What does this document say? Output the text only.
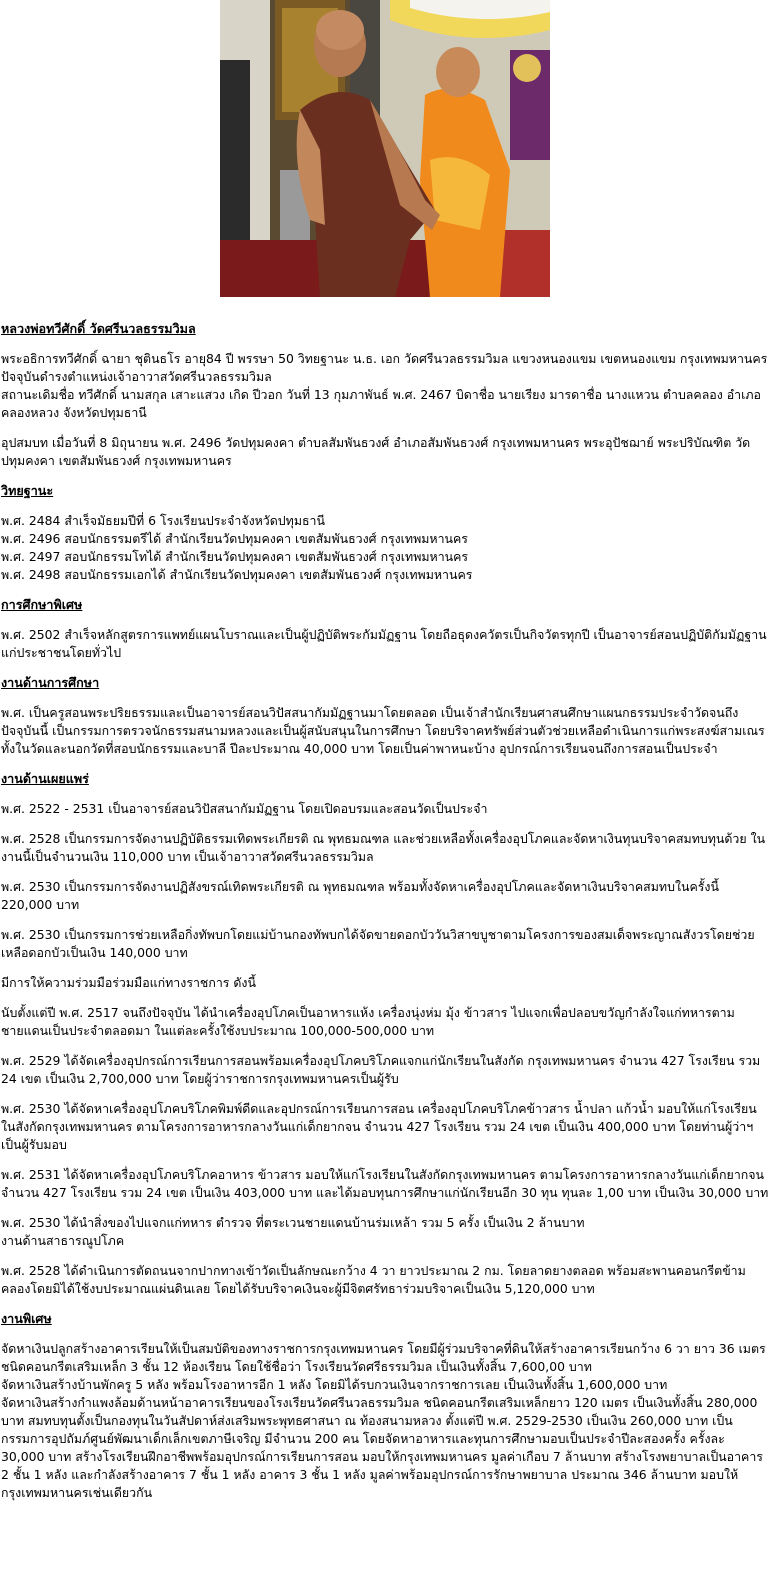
หลวงพ่อทวีศักดิ์ วัดศรีนวลธรรมวิมล

พระอธิการทวีศักดิ์ ฉายา ชุตินธโร อายุ84 ปี พรรษา 50 วิทยฐานะ น.ธ. เอก วัดศรีนวลธรรมวิมล แขวงหนองแขม เขตหนองแขม กรุงเทพมหานคร
ปัจจุบันดำรงตำแหน่งเจ้าอาวาสวัดศรีนวลธรรมวิมล
สถานะเดิมชื่อ ทวีศักดิ์ นามสกุล เสาะแสวง เกิด ปีวอก วันที่ 13 กุมภาพันธ์ พ.ศ. 2467 บิดาชื่อ นายเรียง มารดาชื่อ นางแหวน ตำบลคลอง อำเภอคลองหลวง จังหวัดปทุมธานี

อุปสมบท เมื่อวันที่ 8 มิถุนายน พ.ศ. 2496 วัดปทุมคงคา ตำบลสัมพันธวงศ์ อำเภอสัมพันธวงศ์ กรุงเทพมหานคร พระอุปัชฌาย์ พระปริบัณฑิต วัดปทุมคงคา เขตสัมพันธวงศ์ กรุงเทพมหานคร

วิทยฐานะ

พ.ศ. 2484 สำเร็จมัธยมปีที่ 6 โรงเรียนประจำจังหวัดปทุมธานี
พ.ศ. 2496 สอบนักธรรมตรีได้ สำนักเรียนวัดปทุมคงคา เขตสัมพันธวงศ์ กรุงเทพมหานคร
พ.ศ. 2497 สอบนักธรรมโทได้ สำนักเรียนวัดปทุมคงคา เขตสัมพันธวงศ์ กรุงเทพมหานคร
พ.ศ. 2498 สอบนักธรรมเอกได้ สำนักเรียนวัดปทุมคงคา เขตสัมพันธวงศ์ กรุงเทพมหานคร

การศึกษาพิเศษ

พ.ศ. 2502 สำเร็จหลักสูตรการแพทย์แผนโบราณและเป็นผู้ปฏิบัติพระกัมมัฏฐาน โดยถือธุดงควัตรเป็นกิจวัตรทุกปี เป็นอาจารย์สอนปฏิบัติกัมมัฏฐานแก่ประชาชนโดยทั่วไป

งานด้านการศึกษา

พ.ศ. เป็นครูสอนพระปริยธรรมและเป็นอาจารย์สอนวิปัสสนากัมมัฏฐานมาโดยตลอด เป็นเจ้าสำนักเรียนศาสนศึกษาแผนกธรรมประจำวัดจนถึงปัจจุบันนี้ เป็นกรรมการตรวจนักธรรมสนามหลวงและเป็นผู้สนับสนุนในการศึกษา โดยบริจาคทรัพย์ส่วนตัวช่วยเหลือดำเนินการแก่พระสงฆ์สามเณร ทั้งในวัดและนอกวัดที่สอบนักธรรมและบาลี ปีละประมาณ 40,000 บาท โดยเป็นค่าพาหนะบ้าง อุปกรณ์การเรียนจนถึงการสอนเป็นประจำ

งานด้านเผยแพร่

พ.ศ. 2522 - 2531 เป็นอาจารย์สอนวิปัสสนากัมมัฏฐาน โดยเปิดอบรมและสอนวัดเป็นประจำ

พ.ศ. 2528 เป็นกรรมการจัดงานปฏิบัติธรรมเทิดพระเกียรติ ณ พุทธมณฑล และช่วยเหลือทั้งเครื่องอุปโภคและจัดหาเงินทุนบริจาคสมทบทุนด้วย ในงานนี้เป็นจำนวนเงิน 110,000 บาท เป็นเจ้าอาวาสวัดศรีนวลธรรมวิมล

พ.ศ. 2530 เป็นกรรมการจัดงานปฏิสังขรณ์เทิดพระเกียรติ ณ พุทธมณฑล พร้อมทั้งจัดหาเครื่องอุปโภคและจัดหาเงินบริจาคสมทบในครั้งนี้ 220,000 บาท

พ.ศ. 2530 เป็นกรรมการช่วยเหลือกิ่งทัพบกโดยแม่บ้านกองทัพบกได้จัดขายดอกบัววันวิสาขบูชาตามโครงการของสมเด็จพระญาณสังวรโดยช่วยเหลือดอกบัวเป็นเงิน 140,000 บาท

มีการให้ความร่วมมือร่วมมือแก่ทางราชการ ดังนี้

นับตั้งแต่ปี พ.ศ. 2517 จนถึงปัจจุบัน ได้นำเครื่องอุปโภคเป็นอาหารแห้ง เครื่องนุ่งห่ม มุ้ง ข้าวสาร ไปแจกเพื่อปลอบขวัญกำลังใจแก่ทหารตามชายแดนเป็นประจำตลอดมา ในแต่ละครั้งใช้งบประมาณ 100,000-500,000 บาท

พ.ศ. 2529 ได้จัดเครื่องอุปกรณ์การเรียนการสอนพร้อมเครื่องอุปโภคบริโภคแจกแก่นักเรียนในสังกัด กรุงเทพมหานคร จำนวน 427 โรงเรียน รวม 24 เขต เป็นเงิน 2,700,000 บาท โดยผู้ว่าราชการกรุงเทพมหานครเป็นผู้รับ

พ.ศ. 2530 ได้จัดหาเครื่องอุปโภคบริโภคพิมพ์ดีดและอุปกรณ์การเรียนการสอน เครื่องอุปโภคบริโภคข้าวสาร น้ำปลา แก้วน้ำ มอบให้แก่โรงเรียนในสังกัดกรุงเทพมหานคร ตามโครงการอาหารกลางวันแก่เด็กยากจน จำนวน 427 โรงเรียน รวม 24 เขต เป็นเงิน 400,000 บาท โดยท่านผู้ว่าฯ เป็นผู้รับมอบ

พ.ศ. 2531 ได้จัดหาเครื่องอุปโภคบริโภคอาหาร ข้าวสาร มอบให้แก่โรงเรียนในสังกัดกรุงเทพมหานคร ตามโครงการอาหารกลางวันแก่เด็กยากจน จำนวน 427 โรงเรียน รวม 24 เขต เป็นเงิน 403,000 บาท และได้มอบทุนการศึกษาแก่นักเรียนอีก 30 ทุน ทุนละ 1,00 บาท เป็นเงิน 30,000 บาท

พ.ศ. 2530 ได้นำสิ่งของไปแจกแก่ทหาร ตำรวจ ที่ตระเวนชายแดนบ้านร่มเหล้า รวม 5 ครั้ง เป็นเงิน 2 ล้านบาท
งานด้านสาธารณูปโภค

พ.ศ. 2528 ได้ดำเนินการตัดถนนจากปากทางเข้าวัดเป็นลักษณะกว้าง 4 วา ยาวประมาณ 2 กม. โดยลาดยางตลอด พร้อมสะพานคอนกรีตข้ามคลองโดยมิได้ใช้งบประมาณแผ่นดินเลย โดยได้รับบริจาคเงินจะผู้มีจิตศรัทธาร่วมบริจาคเป็นเงิน 5,120,000 บาท

งานพิเศษ

จัดหาเงินปลูกสร้างอาคารเรียนให้เป็นสมบัติของทางราชการกรุงเทพมหานคร โดยมีผู้ร่วมบริจาคที่ดินให้สร้างอาคารเรียนกว้าง 6 วา ยาว 36 เมตร ชนิดคอนกรีตเสริมเหล็ก 3 ชั้น 12 ห้องเรียน โดยใช้ชื่อว่า โรงเรียนวัดศรีธรรมวิมล เป็นเงินทั้งสิ้น 7,600,00 บาท
จัดหาเงินสร้างบ้านพักครู 5 หลัง พร้อมโรงอาหารอีก 1 หลัง โดยมิได้รบกวนเงินจากราชการเลย เป็นเงินทั้งสิ้น 1,600,000 บาท
จัดหาเงินสร้างกำแพงล้อมด้านหน้าอาคารเรียนของโรงเรียนวัดศรีนวลธรรมวิมล ชนิดคอนกรีตเสริมเหล็กยาว 120 เมตร เป็นเงินทั้งสิ้น 280,000 บาท สมทบทุนตั้งเป็นกองทุนในวันสัปดาห์ส่งเสริมพระพุทธศาสนา ณ ท้องสนามหลวง ตั้งแต่ปี พ.ศ. 2529-2530 เป็นเงิน 260,000 บาท เป็นกรรมการอุปถัมภ์ศูนย์พัฒนาเด็กเล็กเขตภาษีเจริญ มีจำนวน 200 คน โดยจัดหาอาหารและทุนการศึกษามอบเป็นประจำปีละสองครั้ง ครั้งละ 30,000 บาท สร้างโรงเรียนฝึกอาชีพพร้อมอุปกรณ์การเรียนการสอน มอบให้กรุงเทพมหานคร มูลค่าเกือบ 7 ล้านบาท สร้างโรงพยาบาลเป็นอาคาร 2 ชั้น 1 หลัง และกำลังสร้างอาคาร 7 ชั้น 1 หลัง อาคาร 3 ชั้น 1 หลัง มูลค่าพร้อมอุปกรณ์การรักษาพยาบาล ประมาณ 346 ล้านบาท มอบให้กรุงเทพมหานครเช่นเดียวกัน
